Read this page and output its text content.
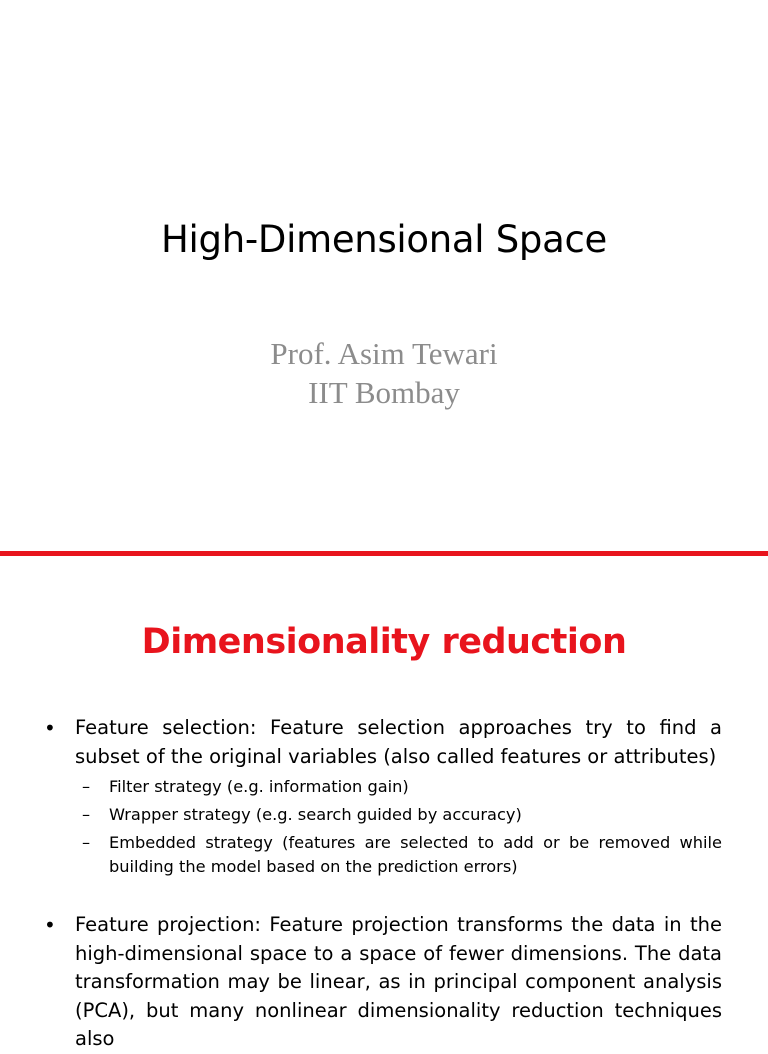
High-Dimensional Space
Prof. Asim Tewari
IIT Bombay
Dimensionality reduction
• Feature selection: Feature selection approaches try to find a subset of the original variables (also called features or attributes)
– Filter strategy (e.g. information gain)
– Wrapper strategy (e.g. search guided by accuracy)
– Embedded strategy (features are selected to add or be removed while building the model based on the prediction errors)
• Feature projection: Feature projection transforms the data in the high-dimensional space to a space of fewer dimensions. The data transformation may be linear, as in principal component analysis (PCA), but many nonlinear dimensionality reduction techniques also
